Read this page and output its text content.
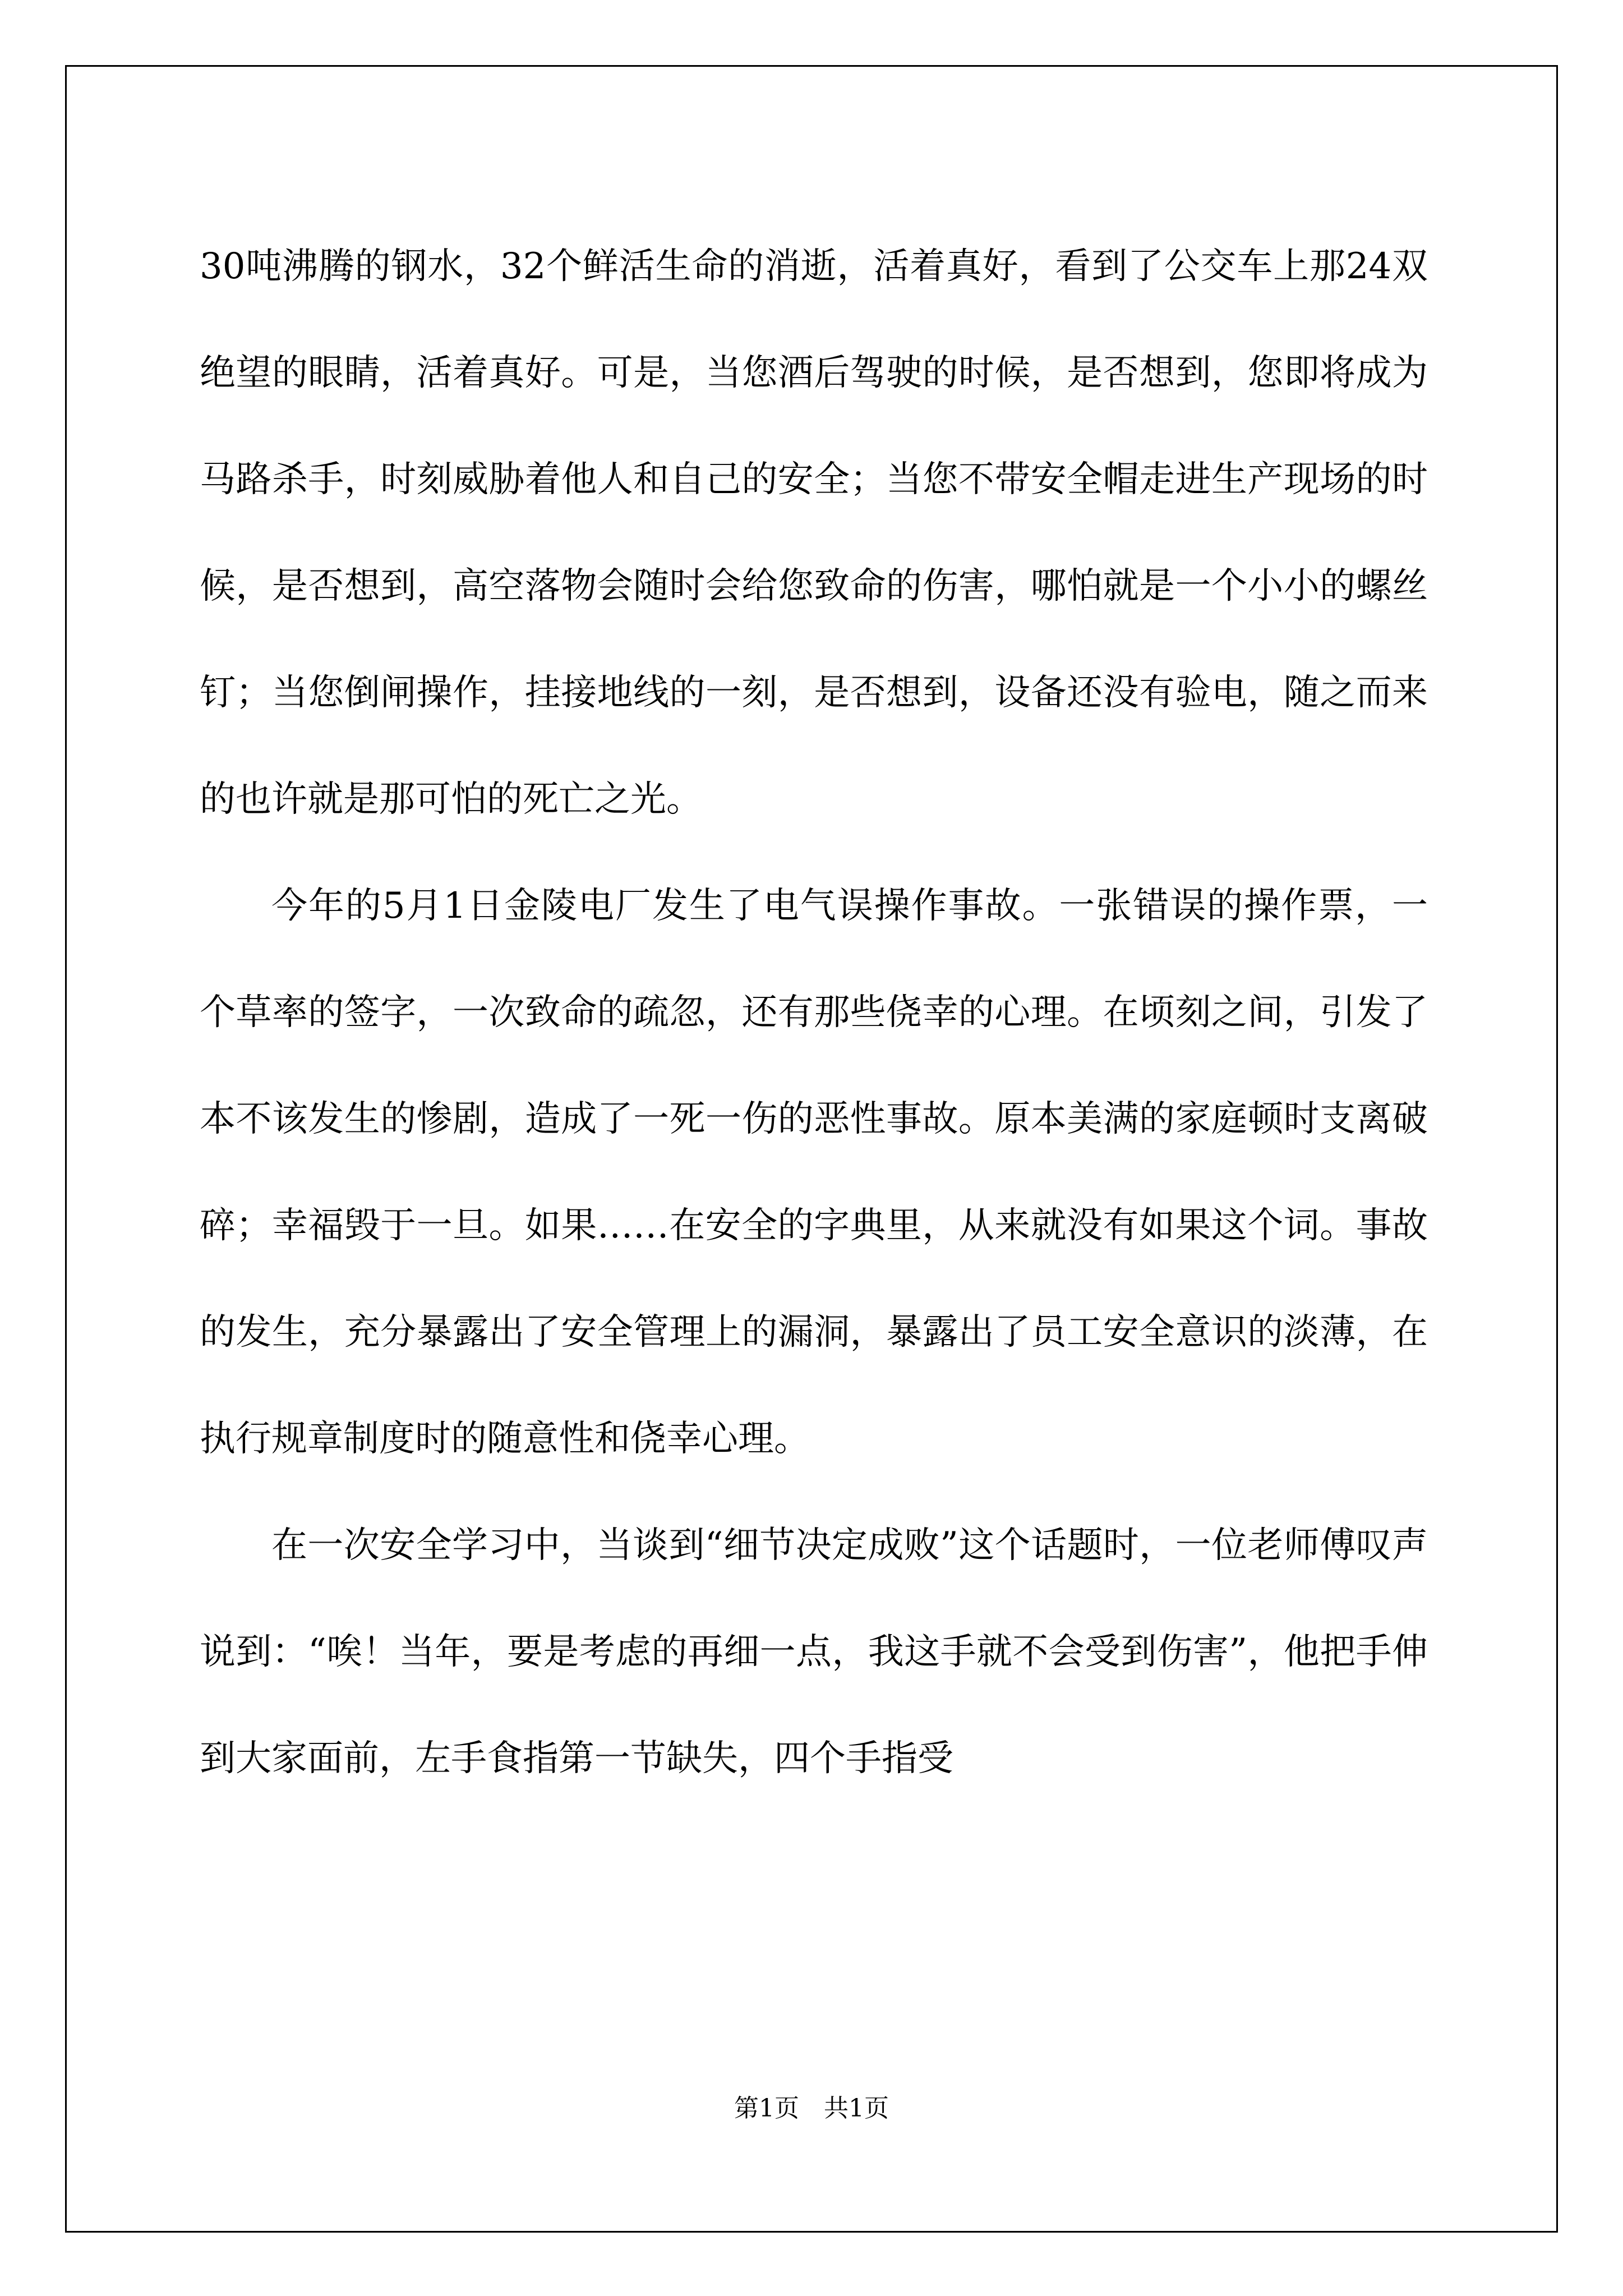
30吨沸腾的钢水，32个鲜活生命的消逝，活着真好，看到了公交车上那24双绝望的眼睛，活着真好。可是，当您酒后驾驶的时候，是否想到，您即将成为马路杀手，时刻威胁着他人和自己的安全；当您不带安全帽走进生产现场的时候，是否想到，高空落物会随时会给您致命的伤害，哪怕就是一个小小的螺丝钉；当您倒闸操作，挂接地线的一刻，是否想到，设备还没有验电，随之而来的也许就是那可怕的死亡之光。

今年的5月1日金陵电厂发生了电气误操作事故。一张错误的操作票，一个草率的签字，一次致命的疏忽，还有那些侥幸的心理。在顷刻之间，引发了本不该发生的惨剧，造成了一死一伤的恶性事故。原本美满的家庭顿时支离破碎；幸福毁于一旦。如果……在安全的字典里，从来就没有如果这个词。事故的发生，充分暴露出了安全管理上的漏洞，暴露出了员工安全意识的淡薄，在执行规章制度时的随意性和侥幸心理。

在一次安全学习中，当谈到“细节决定成败”这个话题时，一位老师傅叹声说到：“唉！当年，要是考虑的再细一点，我这手就不会受到伤害”，他把手伸到大家面前，左手食指第一节缺失，四个手指受

第1页　共1页
